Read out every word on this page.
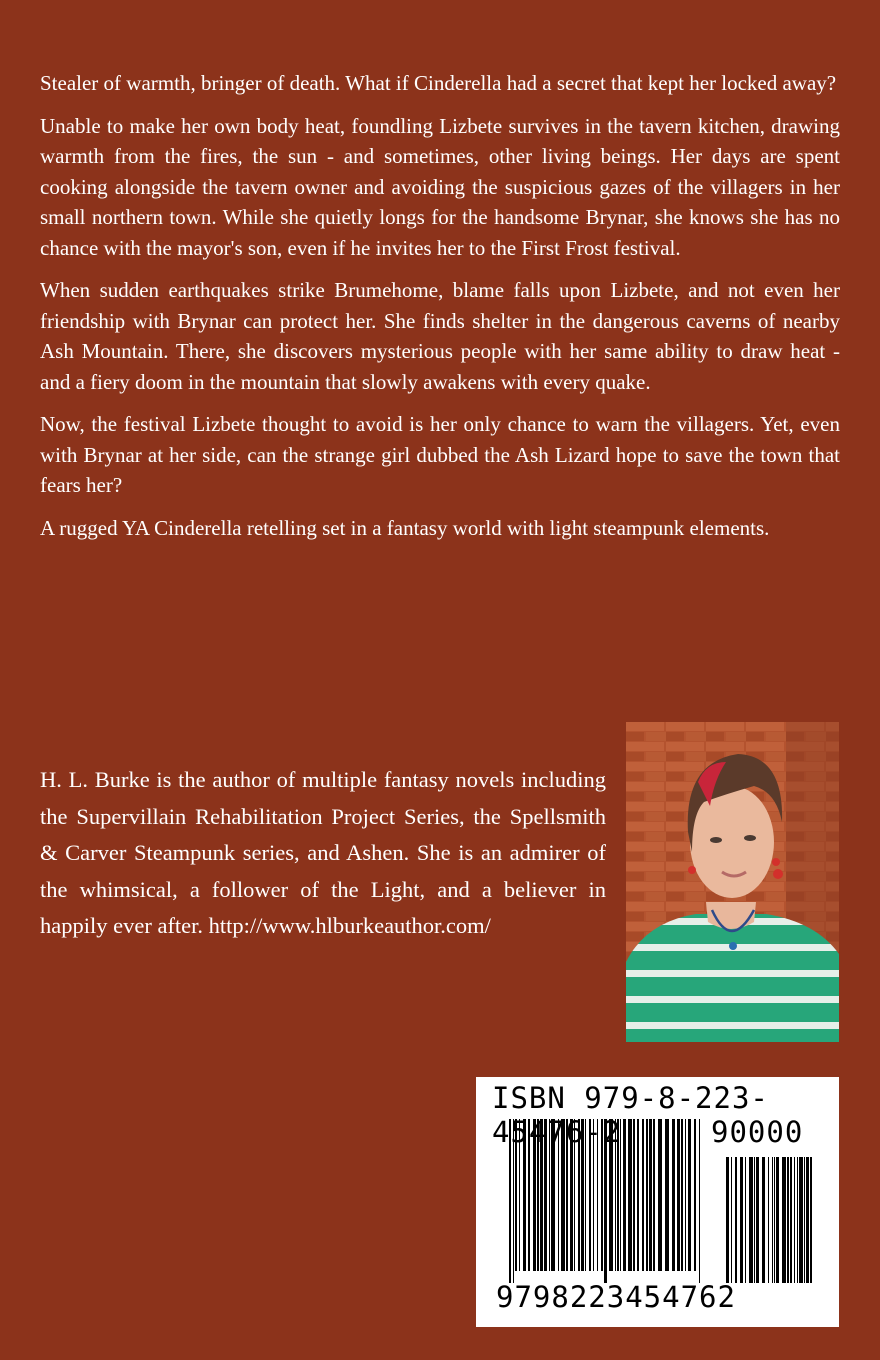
Stealer of warmth, bringer of death. What if Cinderella had a secret that kept her locked away?

Unable to make her own body heat, foundling Lizbete survives in the tavern kitchen, drawing warmth from the fires, the sun - and sometimes, other living beings. Her days are spent cooking alongside the tavern owner and avoiding the suspicious gazes of the villagers in her small northern town. While she quietly longs for the handsome Brynar, she knows she has no chance with the mayor's son, even if he invites her to the First Frost festival.

When sudden earthquakes strike Brumehome, blame falls upon Lizbete, and not even her friendship with Brynar can protect her. She finds shelter in the dangerous caverns of nearby Ash Mountain. There, she discovers mysterious people with her same ability to draw heat - and a fiery doom in the mountain that slowly awakens with every quake.

Now, the festival Lizbete thought to avoid is her only chance to warn the villagers. Yet, even with Brynar at her side, can the strange girl dubbed the Ash Lizard hope to save the town that fears her?

A rugged YA Cinderella retelling set in a fantasy world with light steampunk elements.

H. L. Burke is the author of multiple fantasy novels including the Supervillain Rehabilitation Project Series, the Spellsmith & Carver Steampunk series, and Ashen. She is an admirer of the whimsical, a follower of the Light, and a believer in happily ever after. http://www.hlburkeauthor.com/

ISBN 979-8-223-45476-2	90000
9798223454762
